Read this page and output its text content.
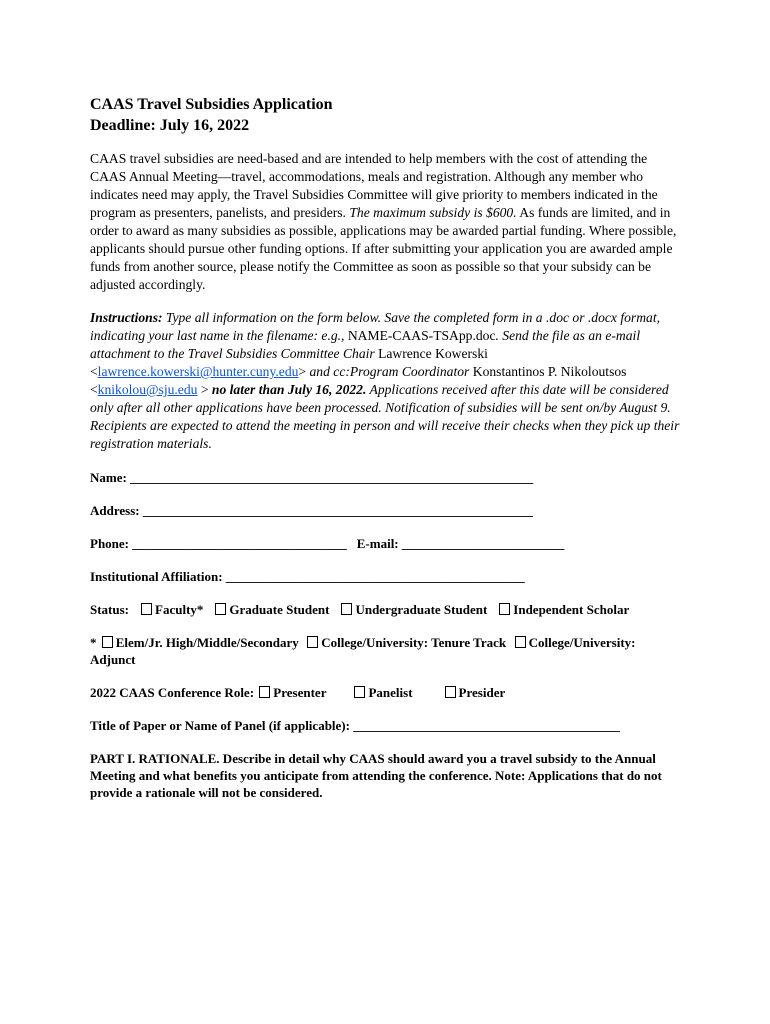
CAAS Travel Subsidies Application
Deadline: July 16, 2022

CAAS travel subsidies are need-based and are intended to help members with the cost of attending the CAAS Annual Meeting—travel, accommodations, meals and registration. Although any member who indicates need may apply, the Travel Subsidies Committee will give priority to members indicated in the program as presenters, panelists, and presiders. The maximum subsidy is $600. As funds are limited, and in order to award as many subsidies as possible, applications may be awarded partial funding. Where possible, applicants should pursue other funding options. If after submitting your application you are awarded ample funds from another source, please notify the Committee as soon as possible so that your subsidy can be adjusted accordingly.

Instructions: Type all information on the form below. Save the completed form in a .doc or .docx format, indicating your last name in the filename: e.g., NAME-CAAS-TSApp.doc. Send the file as an e-mail attachment to the Travel Subsidies Committee Chair Lawrence Kowerski <lawrence.kowerski@hunter.cuny.edu> and cc:Program Coordinator Konstantinos P. Nikoloutsos <knikolou@sju.edu > no later than July 16, 2022. Applications received after this date will be considered only after all other applications have been processed. Notification of subsidies will be sent on/by August 9. Recipients are expected to attend the meeting in person and will receive their checks when they pick up their registration materials.

Name: ______________________________________________________________

Address: ____________________________________________________________

Phone: _________________________________ E-mail: _________________________

Institutional Affiliation: ______________________________________________

Status: Faculty* Graduate Student Undergraduate Student Independent Scholar

* Elem/Jr. High/Middle/Secondary College/University: Tenure Track College/University: Adjunct

2022 CAAS Conference Role: Presenter	Panelist	Presider

Title of Paper or Name of Panel (if applicable): _________________________________________

PART I. RATIONALE. Describe in detail why CAAS should award you a travel subsidy to the Annual Meeting and what benefits you anticipate from attending the conference. Note: Applications that do not provide a rationale will not be considered.
